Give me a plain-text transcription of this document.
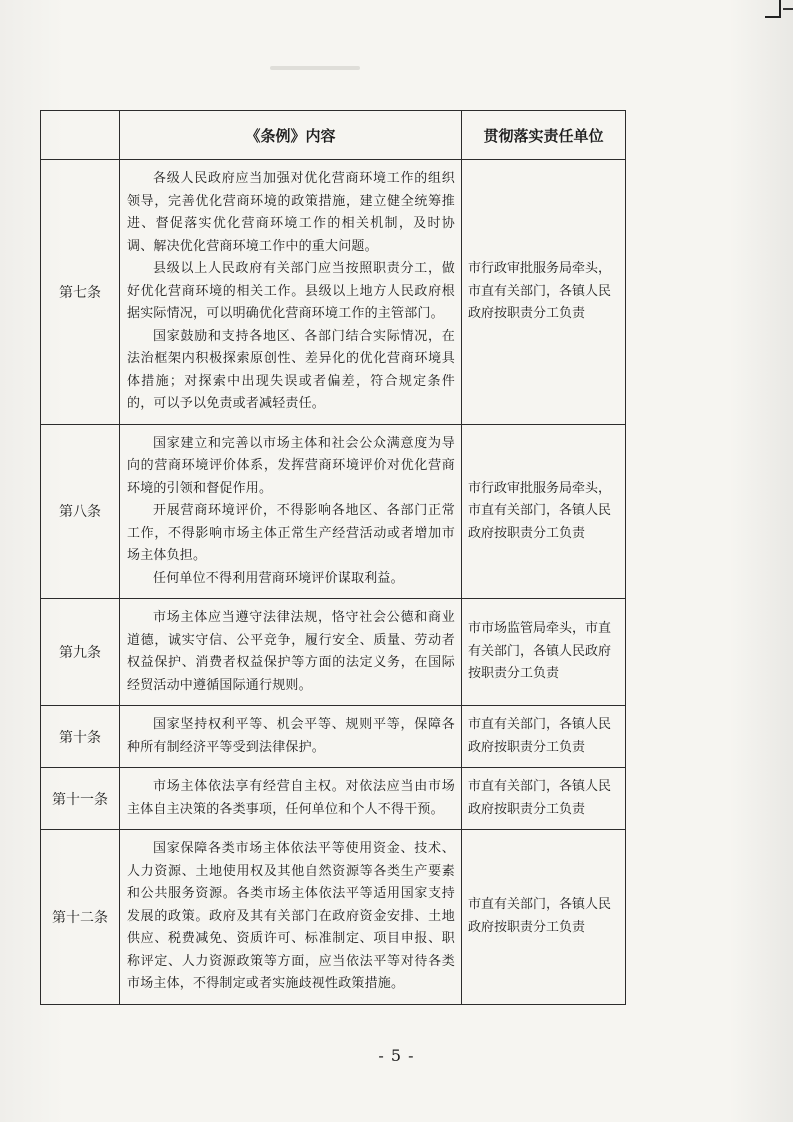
	《条例》内容	贯彻落实责任单位
第七条	各级人民政府应当加强对优化营商环境工作的组织领导，完善优化营商环境的政策措施，建立健全统筹推进、督促落实优化营商环境工作的相关机制，及时协调、解决优化营商环境工作中的重大问题。

县级以上人民政府有关部门应当按照职责分工，做好优化营商环境的相关工作。县级以上地方人民政府根据实际情况，可以明确优化营商环境工作的主管部门。

国家鼓励和支持各地区、各部门结合实际情况，在法治框架内积极探索原创性、差异化的优化营商环境具体措施；对探索中出现失误或者偏差，符合规定条件的，可以予以免责或者减轻责任。	市行政审批服务局牵头，市直有关部门，各镇人民政府按职责分工负责
第八条	国家建立和完善以市场主体和社会公众满意度为导向的营商环境评价体系，发挥营商环境评价对优化营商环境的引领和督促作用。

开展营商环境评价，不得影响各地区、各部门正常工作，不得影响市场主体正常生产经营活动或者增加市场主体负担。

任何单位不得利用营商环境评价谋取利益。	市行政审批服务局牵头，市直有关部门，各镇人民政府按职责分工负责
第九条	市场主体应当遵守法律法规，恪守社会公德和商业道德，诚实守信、公平竞争，履行安全、质量、劳动者权益保护、消费者权益保护等方面的法定义务，在国际经贸活动中遵循国际通行规则。	市市场监管局牵头，市直有关部门，各镇人民政府按职责分工负责
第十条	国家坚持权利平等、机会平等、规则平等，保障各种所有制经济平等受到法律保护。	市直有关部门，各镇人民政府按职责分工负责
第十一条	市场主体依法享有经营自主权。对依法应当由市场主体自主决策的各类事项，任何单位和个人不得干预。	市直有关部门，各镇人民政府按职责分工负责
第十二条	国家保障各类市场主体依法平等使用资金、技术、人力资源、土地使用权及其他自然资源等各类生产要素和公共服务资源。各类市场主体依法平等适用国家支持发展的政策。政府及其有关部门在政府资金安排、土地供应、税费减免、资质许可、标准制定、项目申报、职称评定、人力资源政策等方面，应当依法平等对待各类市场主体，不得制定或者实施歧视性政策措施。	市直有关部门，各镇人民政府按职责分工负责
- 5 -
